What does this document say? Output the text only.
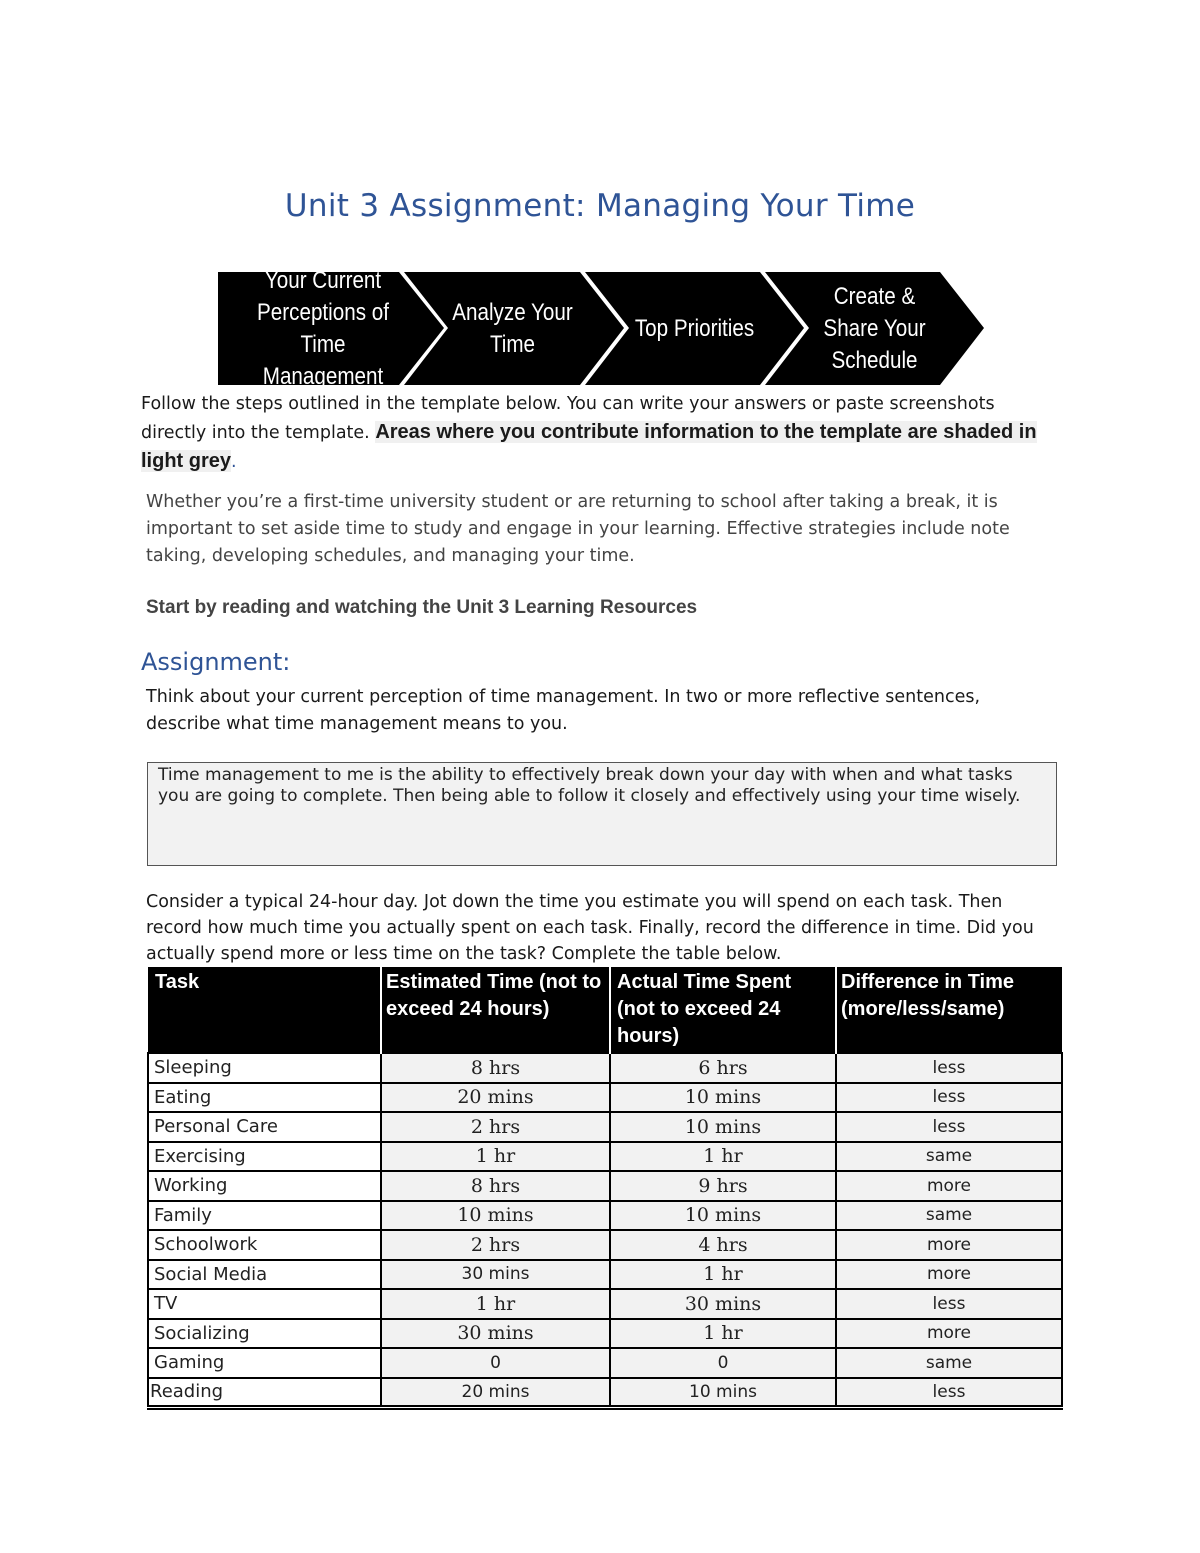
Unit 3 Assignment: Managing Your Time
Your Current
Perceptions of Time
Management
Analyze Your
Time
Top Priorities
Create &
Share Your
Schedule
Follow the steps outlined in the template below. You can write your answers or paste screenshots directly into the template. Areas where you contribute information to the template are shaded in light grey.
Whether you’re a first-time university student or are returning to school after taking a break, it is important to set aside time to study and engage in your learning. Effective strategies include note taking, developing schedules, and managing your time.
Start by reading and watching the Unit 3 Learning Resources
Assignment:
Think about your current perception of time management. In two or more reflective sentences, describe what time management means to you.
Time management to me is the ability to effectively break down your day with when and what tasks you are going to complete. Then being able to follow it closely and effectively using your time wisely.
Consider a typical 24-hour day. Jot down the time you estimate you will spend on each task. Then record how much time you actually spent on each task. Finally, record the difference in time. Did you actually spend more or less time on the task? Complete the table below.
Task	Estimated Time (not to exceed 24 hours)	Actual Time Spent (not to exceed 24 hours)	Difference in Time (more/less/same)
Sleeping	8 hrs	6 hrs	less
Eating	20 mins	10 mins	less
Personal Care	2 hrs	10 mins	less
Exercising	1 hr	1 hr	same
Working	8 hrs	9 hrs	more
Family	10 mins	10 mins	same
Schoolwork	2 hrs	4 hrs	more
Social Media	30 mins	1 hr	more
TV	1 hr	30 mins	less
Socializing	30 mins	1 hr	more
Gaming	0	0	same
Reading	20 mins	10 mins	less
